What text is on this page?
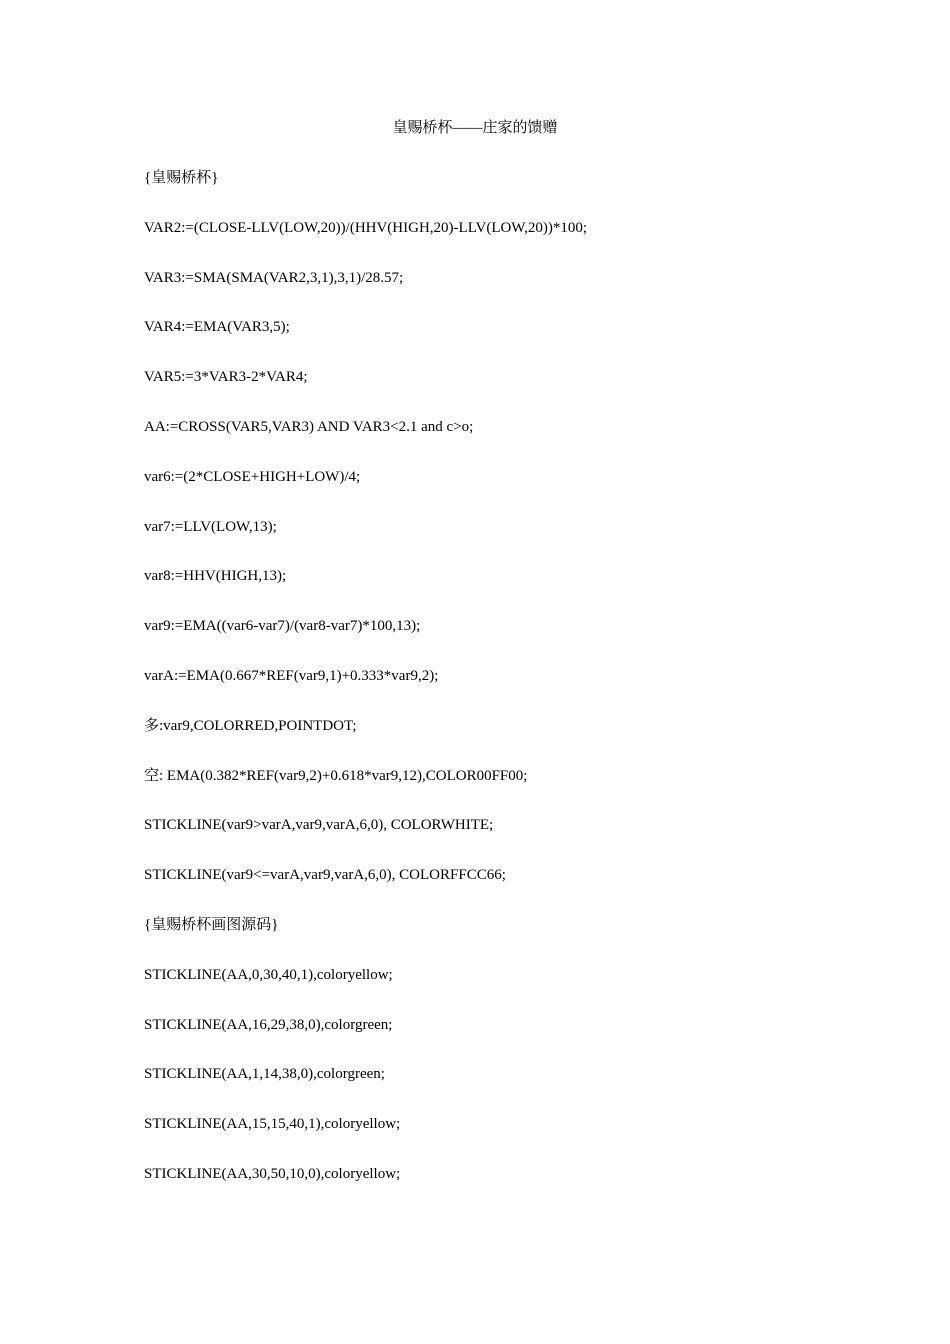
皇赐桥杯——庄家的馈赠
{皇赐桥杯}
VAR2:=(CLOSE-LLV(LOW,20))/(HHV(HIGH,20)-LLV(LOW,20))*100;
VAR3:=SMA(SMA(VAR2,3,1),3,1)/28.57;
VAR4:=EMA(VAR3,5);
VAR5:=3*VAR3-2*VAR4;
AA:=CROSS(VAR5,VAR3) AND VAR3<2.1 and c>o;
var6:=(2*CLOSE+HIGH+LOW)/4;
var7:=LLV(LOW,13);
var8:=HHV(HIGH,13);
var9:=EMA((var6-var7)/(var8-var7)*100,13);
varA:=EMA(0.667*REF(var9,1)+0.333*var9,2);
多:var9,COLORRED,POINTDOT;
空: EMA(0.382*REF(var9,2)+0.618*var9,12),COLOR00FF00;
STICKLINE(var9>varA,var9,varA,6,0), COLORWHITE;
STICKLINE(var9<=varA,var9,varA,6,0), COLORFFCC66;
{皇赐桥杯画图源码}
STICKLINE(AA,0,30,40,1),coloryellow;
STICKLINE(AA,16,29,38,0),colorgreen;
STICKLINE(AA,1,14,38,0),colorgreen;
STICKLINE(AA,15,15,40,1),coloryellow;
STICKLINE(AA,30,50,10,0),coloryellow;
